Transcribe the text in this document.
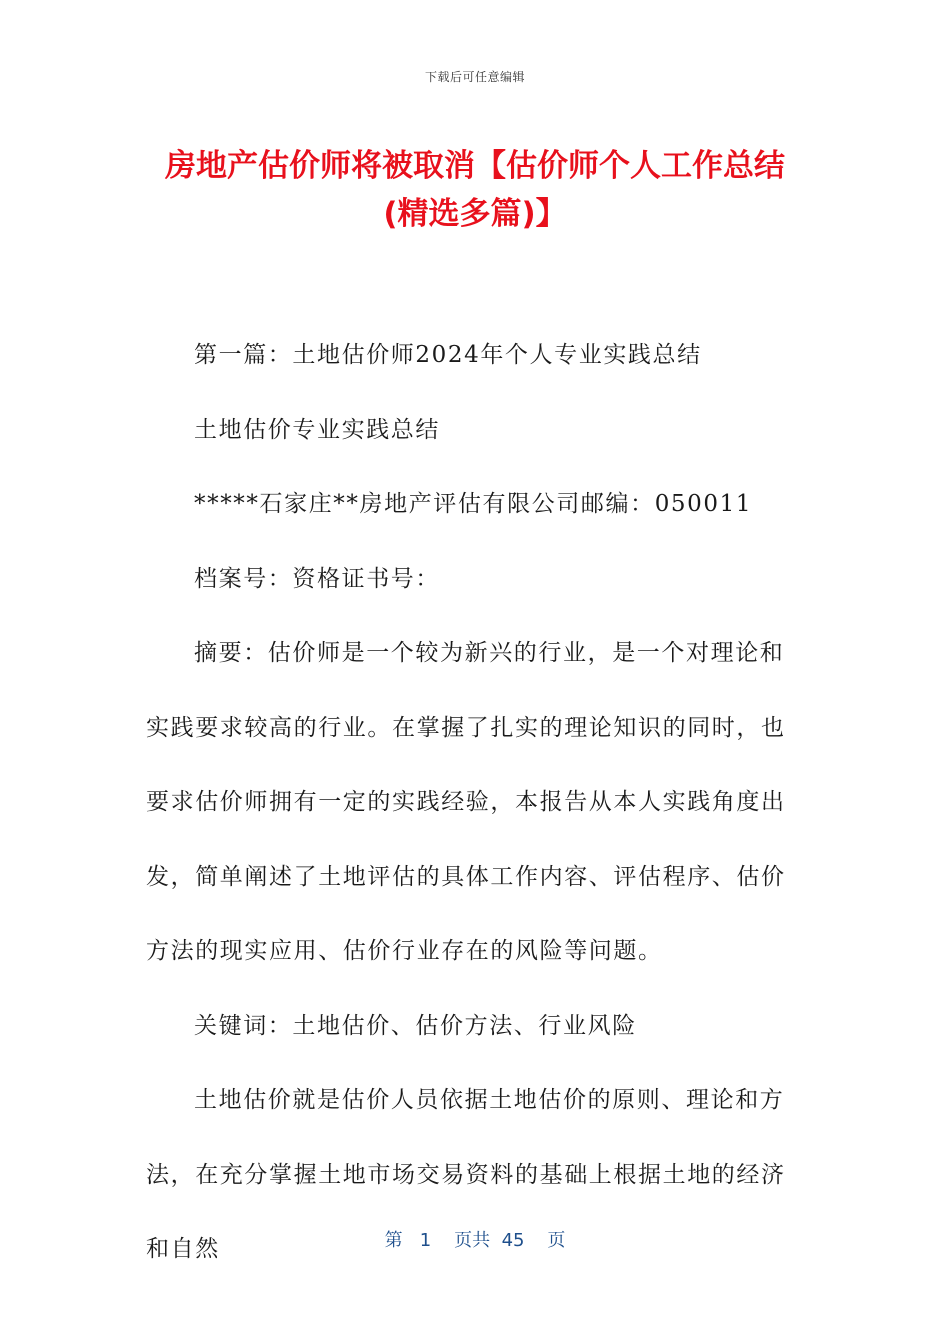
下载后可任意编辑
房地产估价师将被取消【估价师个人工作总结(精选多篇)】

第一篇：土地估价师2024年个人专业实践总结

土地估价专业实践总结

*****石家庄**房地产评估有限公司邮编：050011

档案号：资格证书号：

摘要：估价师是一个较为新兴的行业，是一个对理论和实践要求较高的行业。在掌握了扎实的理论知识的同时，也要求估价师拥有一定的实践经验，本报告从本人实践角度出发，简单阐述了土地评估的具体工作内容、评估程序、估价方法的现实应用、估价行业存在的风险等问题。

关键词：土地估价、估价方法、行业风险

土地估价就是估价人员依据土地估价的原则、理论和方法，在充分掌握土地市场交易资料的基础上根据土地的经济和自然	第 1 页共 45 页
